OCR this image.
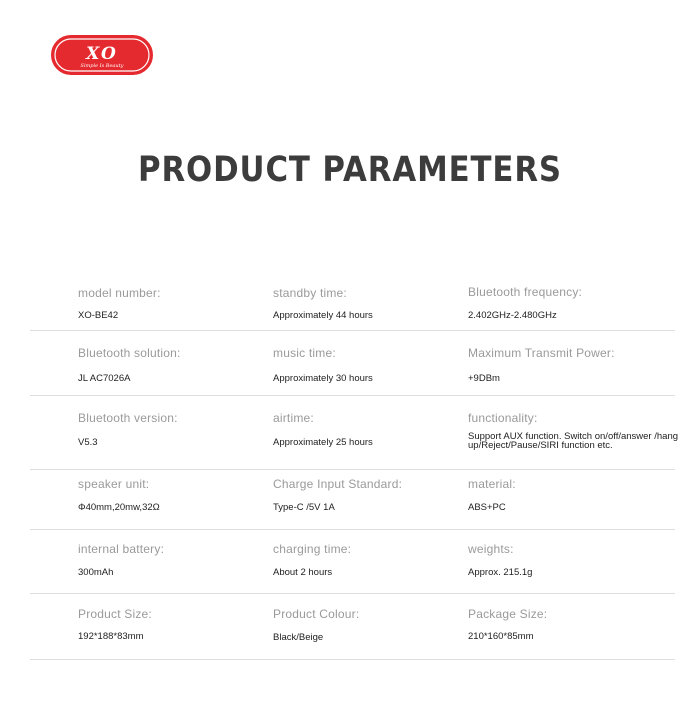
XO
Simple Is Beauty
PRODUCT PARAMETERS
model number:
XO-BE42
standby time:
Approximately 44 hours
Bluetooth frequency:
2.402GHz-2.480GHz
Bluetooth solution:
JL AC7026A
music time:
Approximately 30 hours
Maximum Transmit Power:
+9DBm
Bluetooth version:
V5.3
airtime:
Approximately 25 hours
functionality:
Support AUX function. Switch on/off/answer /hang up/Reject/Pause/SIRI function etc.
speaker unit:
Φ40mm,20mw,32Ω
Charge Input Standard:
Type-C /5V 1A
material:
ABS+PC
internal battery:
300mAh
charging time:
About 2 hours
weights:
Approx. 215.1g
Product Size:
192*188*83mm
Product Colour:
Black/Beige
Package Size:
210*160*85mm
